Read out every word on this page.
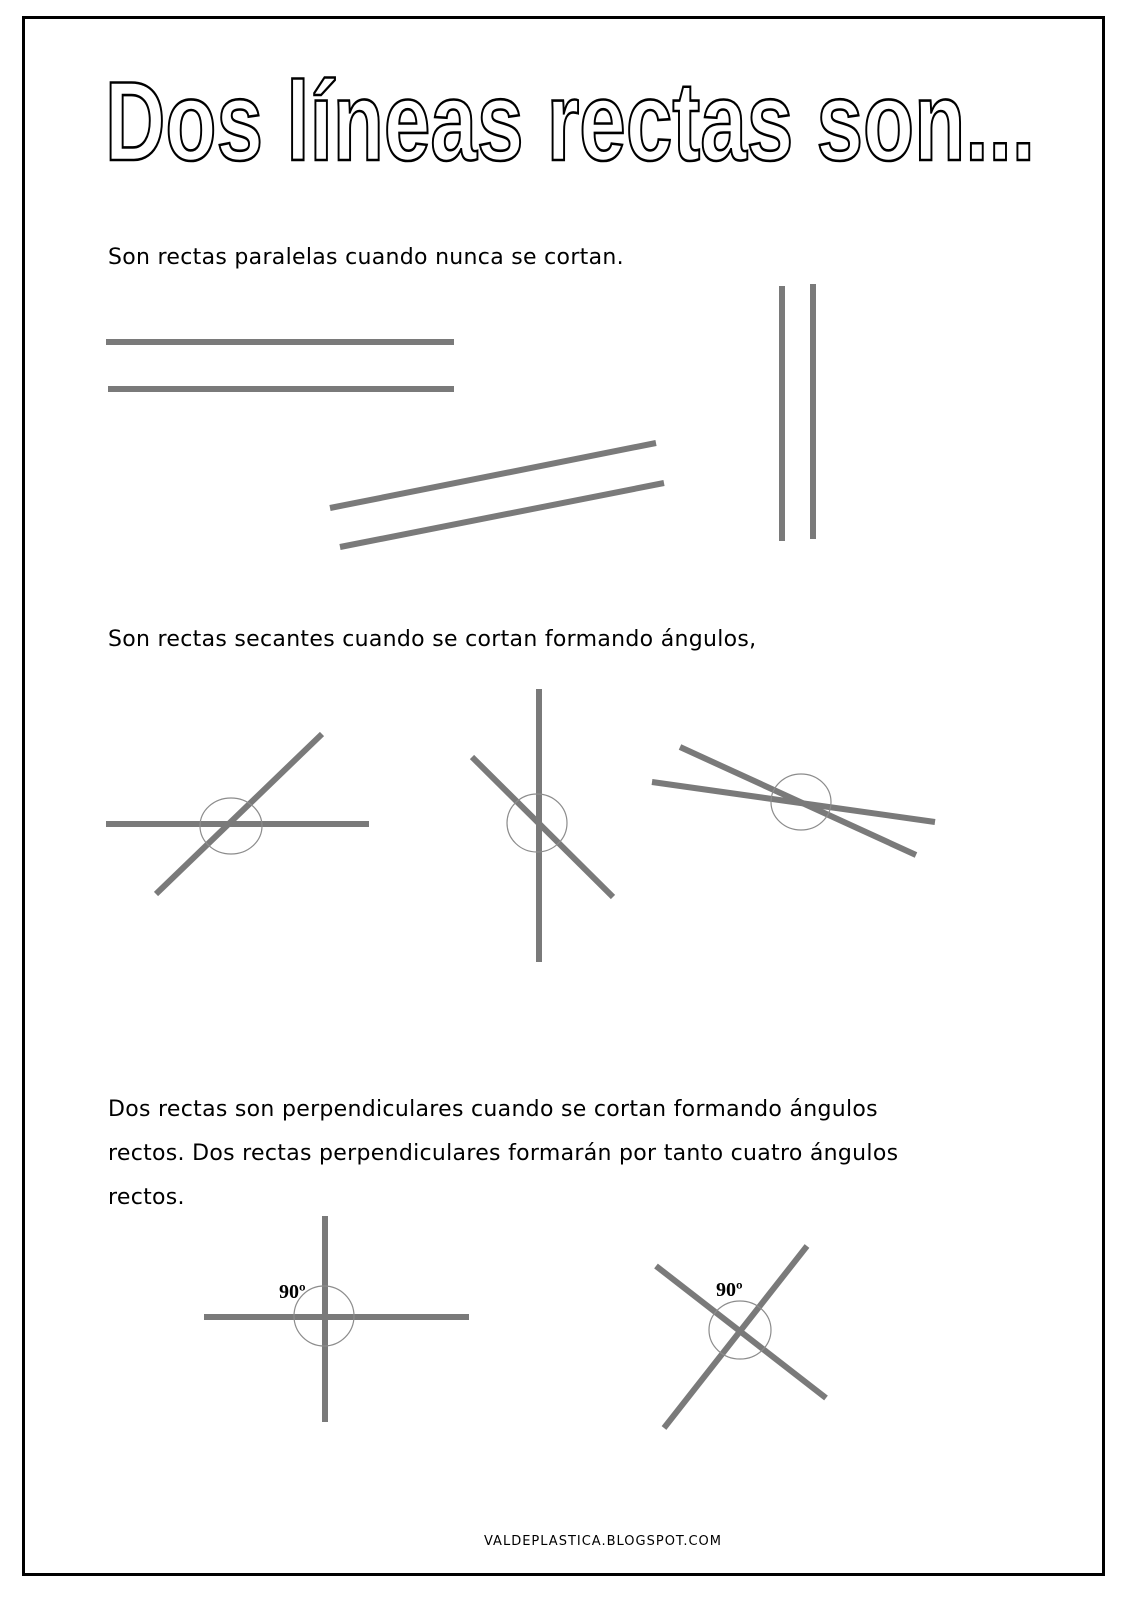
Dos líneas rectas son...

Son rectas paralelas cuando nunca se cortan.

Son rectas secantes cuando se cortan formando ángulos,

Dos rectas son perpendiculares cuando se cortan formando ángulos

rectos. Dos rectas perpendiculares formarán por tanto cuatro ángulos

rectos.

90º	90º

VALDEPLASTICA.BLOGSPOT.COM
